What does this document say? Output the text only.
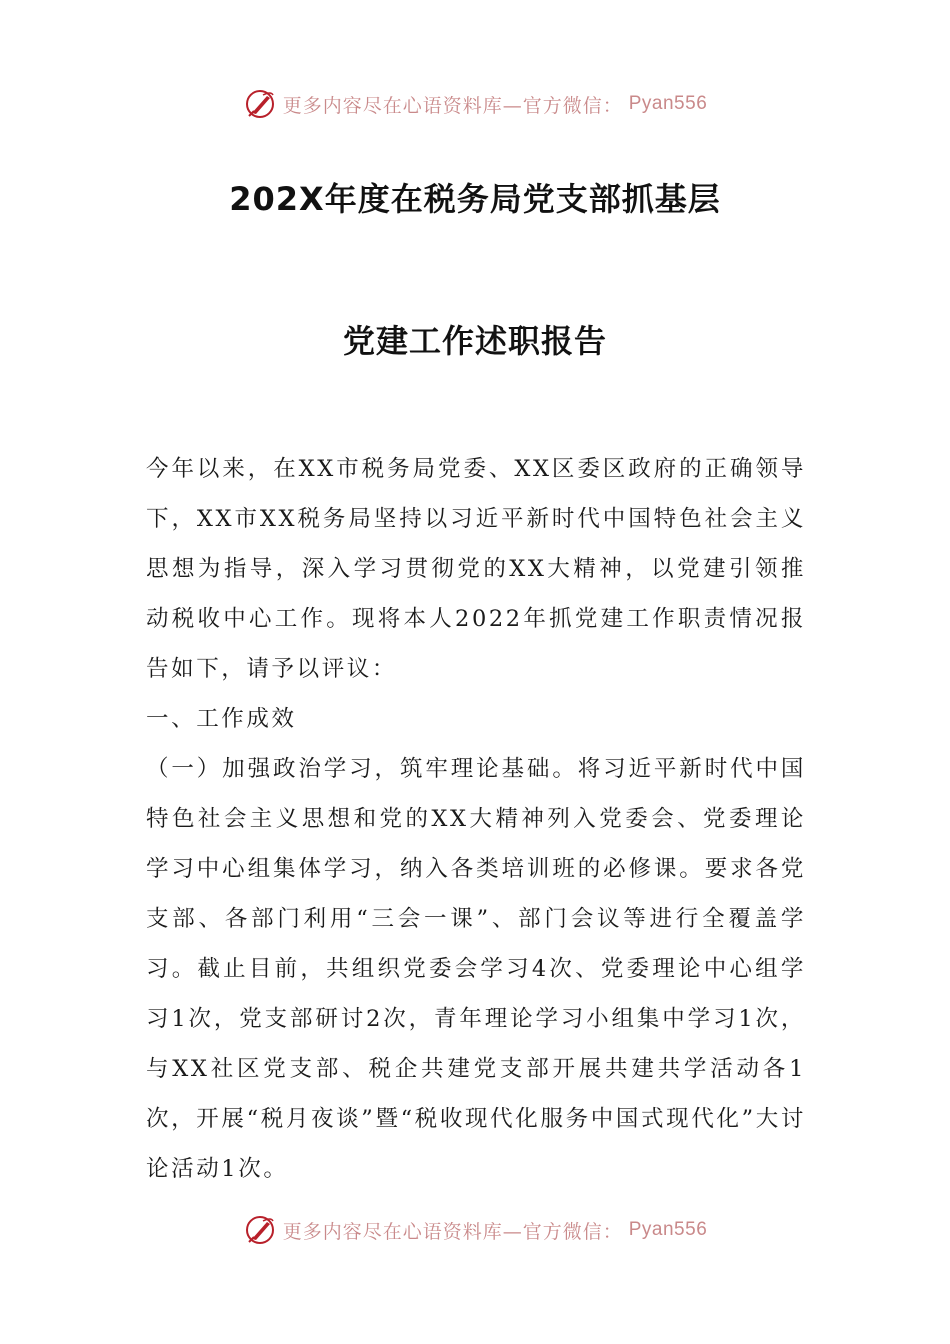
更多内容尽在心语资料库—官方微信： Pyan556
202X年度在税务局党支部抓基层
党建工作述职报告

今年以来，在XX市税务局党委、XX区委区政府的正确领导下，XX市XX税务局坚持以习近平新时代中国特色社会主义思想为指导，深入学习贯彻党的XX大精神，以党建引领推动税收中心工作。现将本人2022年抓党建工作职责情况报告如下，请予以评议：

一、工作成效

（一）加强政治学习，筑牢理论基础。将习近平新时代中国特色社会主义思想和党的XX大精神列入党委会、党委理论学习中心组集体学习，纳入各类培训班的必修课。要求各党支部、各部门利用“三会一课”、部门会议等进行全覆盖学习。截止目前，共组织党委会学习4次、党委理论中心组学习1次，党支部研讨2次，青年理论学习小组集中学习1次，与XX社区党支部、税企共建党支部开展共建共学活动各1次，开展“税月夜谈”暨“税收现代化服务中国式现代化”大讨论活动1次。

更多内容尽在心语资料库—官方微信： Pyan556
